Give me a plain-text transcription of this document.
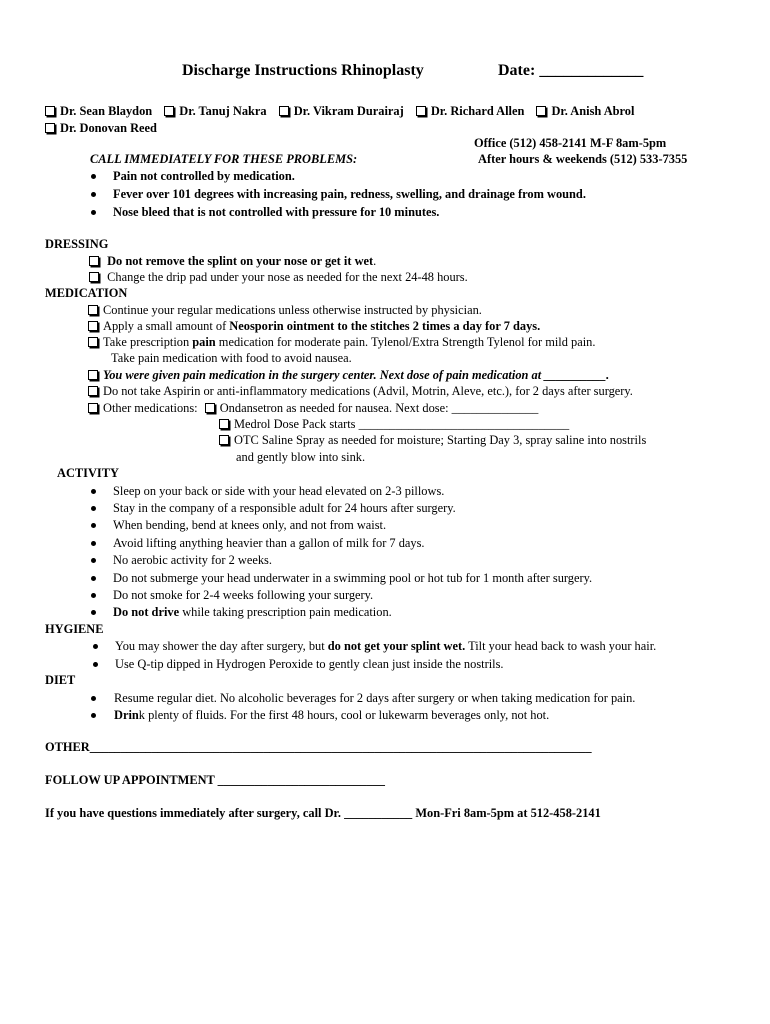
Discharge Instructions Rhinoplasty	Date: _____________
Dr. Sean Blaydon Dr. Tanuj Nakra Dr. Vikram Durairaj Dr. Richard Allen Dr. Anish Abrol
Dr. Donovan Reed
Office (512) 458-2141 M-F 8am-5pm
After hours & weekends (512) 533-7355
CALL IMMEDIATELY FOR THESE PROBLEMS:
Pain not controlled by medication.
Fever over 101 degrees with increasing pain, redness, swelling, and drainage from wound.
Nose bleed that is not controlled with pressure for 10 minutes.
DRESSING
Do not remove the splint on your nose or get it wet.
Change the drip pad under your nose as needed for the next 24-48 hours.
MEDICATION
Continue your regular medications unless otherwise instructed by physician.
Apply a small amount of Neosporin ointment to the stitches 2 times a day for 7 days.
Take prescription pain medication for moderate pain. Tylenol/Extra Strength Tylenol for mild pain.
Take pain medication with food to avoid nausea.
You were given pain medication in the surgery center. Next dose of pain medication at __________.
Do not take Aspirin or anti-inflammatory medications (Advil, Motrin, Aleve, etc.), for 2 days after surgery.
Other medications: Ondansetron as needed for nausea. Next dose: ______________
Medrol Dose Pack starts __________________________________
OTC Saline Spray as needed for moisture; Starting Day 3, spray saline into nostrils
and gently blow into sink.
ACTIVITY
Sleep on your back or side with your head elevated on 2-3 pillows.
Stay in the company of a responsible adult for 24 hours after surgery.
When bending, bend at knees only, and not from waist.
Avoid lifting anything heavier than a gallon of milk for 7 days.
No aerobic activity for 2 weeks.
Do not submerge your head underwater in a swimming pool or hot tub for 1 month after surgery.
Do not smoke for 2-4 weeks following your surgery.
Do not drive while taking prescription pain medication.
HYGIENE
You may shower the day after surgery, but do not get your splint wet. Tilt your head back to wash your hair.
Use Q-tip dipped in Hydrogen Peroxide to gently clean just inside the nostrils.
DIET
Resume regular diet. No alcoholic beverages for 2 days after surgery or when taking medication for pain.
Drink plenty of fluids. For the first 48 hours, cool or lukewarm beverages only, not hot.
OTHER_________________________________________________________________________________
FOLLOW UP APPOINTMENT ___________________________
If you have questions immediately after surgery, call Dr. ___________ Mon-Fri 8am-5pm at 512-458-2141
